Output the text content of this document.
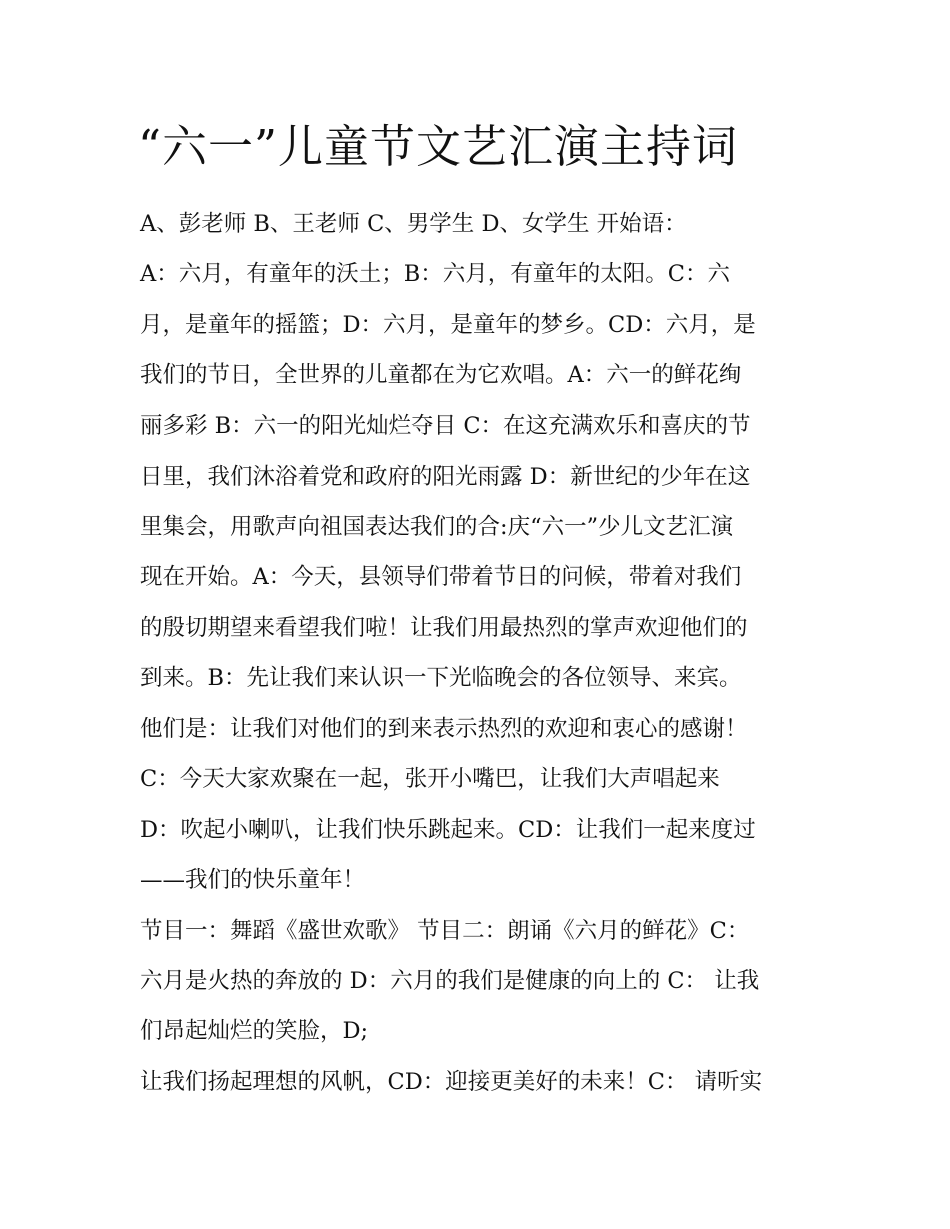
“六一”儿童节文艺汇演主持词

A、彭老师 B、王老师 C、男学生 D、女学生 开始语：

A：六月，有童年的沃土；B：六月，有童年的太阳。C：六

月，是童年的摇篮；D：六月，是童年的梦乡。CD：六月，是

我们的节日，全世界的儿童都在为它欢唱。A：六一的鲜花绚

丽多彩 B：六一的阳光灿烂夺目 C：在这充满欢乐和喜庆的节

日里，我们沐浴着党和政府的阳光雨露 D：新世纪的少年在这

里集会，用歌声向祖国表达我们的合:庆“六一”少儿文艺汇演

现在开始。A：今天，县领导们带着节日的问候，带着对我们

的殷切期望来看望我们啦！让我们用最热烈的掌声欢迎他们的

到来。B：先让我们来认识一下光临晚会的各位领导、来宾。

他们是：让我们对他们的到来表示热烈的欢迎和衷心的感谢！

C：今天大家欢聚在一起，张开小嘴巴，让我们大声唱起来

D：吹起小喇叭，让我们快乐跳起来。CD：让我们一起来度过

——我们的快乐童年！

节目一：舞蹈《盛世欢歌》 节目二：朗诵《六月的鲜花》C：

六月是火热的奔放的 D：六月的我们是健康的向上的 C： 让我

们昂起灿烂的笑脸，D;

让我们扬起理想的风帆，CD：迎接更美好的未来！C： 请听实
